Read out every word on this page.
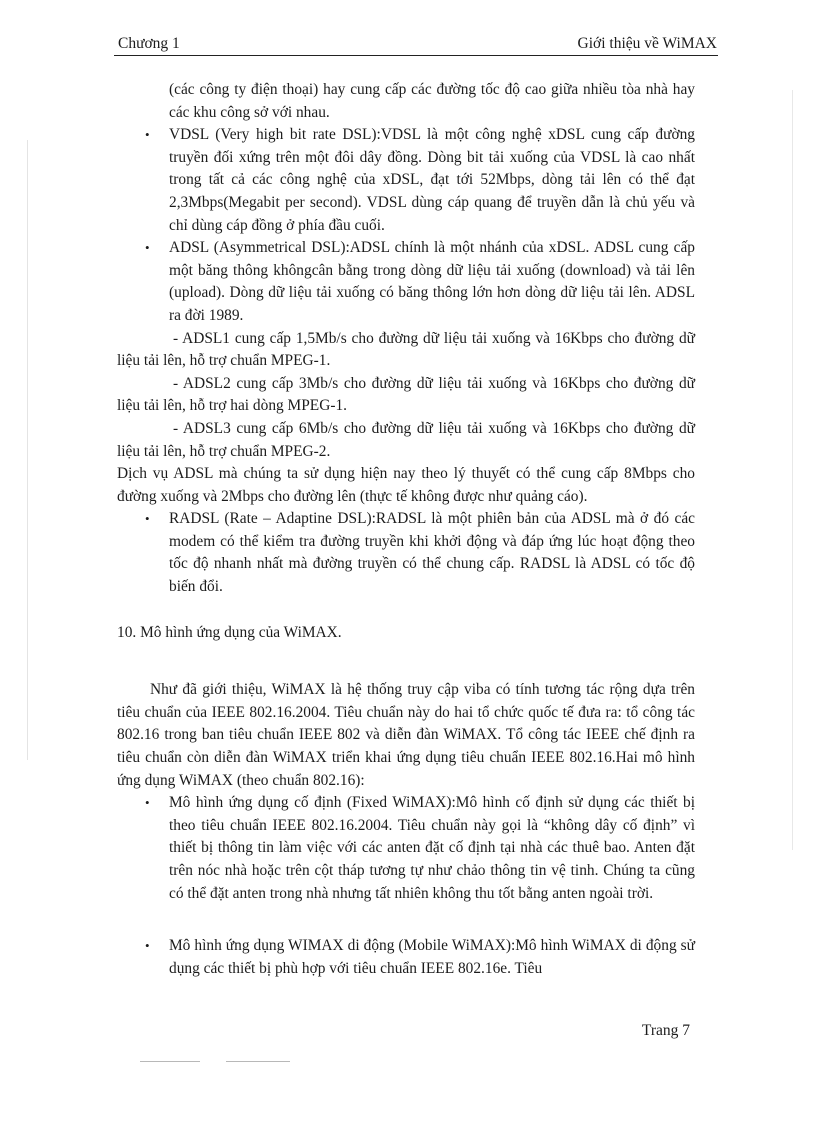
Chương 1	Giới thiệu về WiMAX
(các công ty điện thoại) hay cung cấp các đường tốc độ cao giữa nhiều tòa nhà hay các khu công sở với nhau.
• VDSL (Very high bit rate DSL):VDSL là một công nghệ xDSL cung cấp đường truyền đối xứng trên một đôi dây đồng. Dòng bit tải xuống của VDSL là cao nhất trong tất cả các công nghệ của xDSL, đạt tới 52Mbps, dòng tải lên có thể đạt 2,3Mbps(Megabit per second). VDSL dùng cáp quang để truyền dẫn là chủ yếu và chỉ dùng cáp đồng ở phía đầu cuối.
• ADSL (Asymmetrical DSL):ADSL chính là một nhánh của xDSL. ADSL cung cấp một băng thông khôngcân bằng trong dòng dữ liệu tải xuống (download) và tải lên (upload). Dòng dữ liệu tải xuống có băng thông lớn hơn dòng dữ liệu tải lên. ADSL ra đời 1989.
- ADSL1 cung cấp 1,5Mb/s cho đường dữ liệu tải xuống và 16Kbps cho đường dữ liệu tải lên, hỗ trợ chuẩn MPEG-1.
- ADSL2 cung cấp 3Mb/s cho đường dữ liệu tải xuống và 16Kbps cho đường dữ liệu tải lên, hỗ trợ hai dòng MPEG-1.
- ADSL3 cung cấp 6Mb/s cho đường dữ liệu tải xuống và 16Kbps cho đường dữ liệu tải lên, hỗ trợ chuẩn MPEG-2.
Dịch vụ ADSL mà chúng ta sử dụng hiện nay theo lý thuyết có thể cung cấp 8Mbps cho đường xuống và 2Mbps cho đường lên (thực tế không được như quảng cáo).
• RADSL (Rate – Adaptine DSL):RADSL là một phiên bản của ADSL mà ở đó các modem có thể kiểm tra đường truyền khi khởi động và đáp ứng lúc hoạt động theo tốc độ nhanh nhất mà đường truyền có thể chung cấp. RADSL là ADSL có tốc độ biến đổi.
10. Mô hình ứng dụng của WiMAX.
Như đã giới thiệu, WiMAX là hệ thống truy cập viba có tính tương tác rộng dựa trên tiêu chuẩn của IEEE 802.16.2004. Tiêu chuẩn này do hai tổ chức quốc tế đưa ra: tổ công tác 802.16 trong ban tiêu chuẩn IEEE 802 và diễn đàn WiMAX. Tổ công tác IEEE chế định ra tiêu chuẩn còn diễn đàn WiMAX triển khai ứng dụng tiêu chuẩn IEEE 802.16.Hai mô hình ứng dụng WiMAX (theo chuẩn 802.16):
• Mô hình ứng dụng cố định (Fixed WiMAX):Mô hình cố định sử dụng các thiết bị theo tiêu chuẩn IEEE 802.16.2004. Tiêu chuẩn này gọi là “không dây cố định” vì thiết bị thông tin làm việc với các anten đặt cố định tại nhà các thuê bao. Anten đặt trên nóc nhà hoặc trên cột tháp tương tự như chảo thông tin vệ tinh. Chúng ta cũng có thể đặt anten trong nhà nhưng tất nhiên không thu tốt bằng anten ngoài trời.
• Mô hình ứng dụng WIMAX di động (Mobile WiMAX):Mô hình WiMAX di động sử dụng các thiết bị phù hợp với tiêu chuẩn IEEE 802.16e. Tiêu
Trang 7
